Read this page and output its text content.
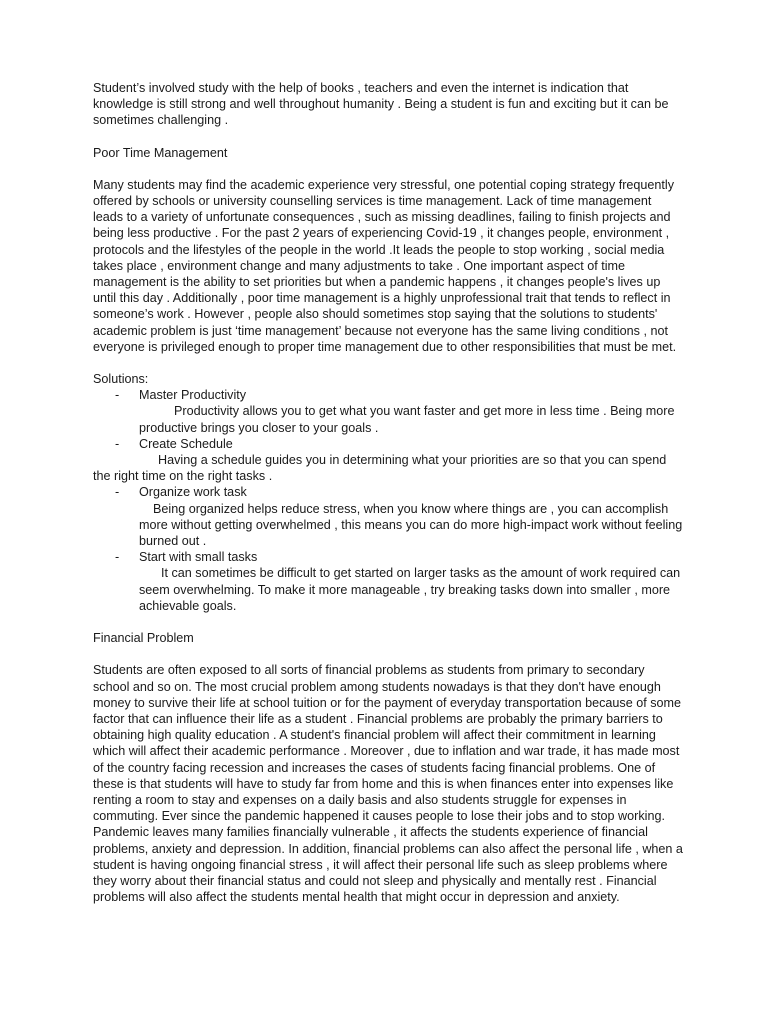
Student’s involved study with the help of books , teachers and even the internet is indication that knowledge is still strong and well throughout humanity . Being a student is fun and exciting but it can be sometimes challenging .

Poor Time Management

Many students may find the academic experience very stressful, one potential coping strategy frequently offered by schools or university counselling services is time management. Lack of time management leads to a variety of unfortunate consequences , such as missing deadlines, failing to finish projects and being less productive . For the past 2 years of experiencing Covid-19 , it changes people, environment , protocols and the lifestyles of the people in the world .It leads the people to stop working , social media takes place , environment change and many adjustments to take . One important aspect of time management is the ability to set priorities but when a pandemic happens , it changes people's lives up until this day . Additionally , poor time management is a highly unprofessional trait that tends to reflect in someone’s work . However , people also should sometimes stop saying that the solutions to students' academic problem is just ‘time management’ because not everyone has the same living conditions , not everyone is privileged enough to proper time management due to other responsibilities that must be met.

Solutions:

- Master Productivity

Productivity allows you to get what you want faster and get more in less time . Being more productive brings you closer to your goals .

- Create Schedule

Having a schedule guides you in determining what your priorities are so that you can spend the right time on the right tasks .

- Organize work task

Being organized helps reduce stress, when you know where things are , you can accomplish more without getting overwhelmed , this means you can do more high-impact work without feeling burned out .

- Start with small tasks

It can sometimes be difficult to get started on larger tasks as the amount of work required can seem overwhelming. To make it more manageable , try breaking tasks down into smaller , more achievable goals.

Financial Problem

Students are often exposed to all sorts of financial problems as students from primary to secondary school and so on. The most crucial problem among students nowadays is that they don't have enough money to survive their life at school tuition or for the payment of everyday transportation because of some factor that can influence their life as a student . Financial problems are probably the primary barriers to obtaining high quality education . A student's financial problem will affect their commitment in learning which will affect their academic performance . Moreover , due to inflation and war trade, it has made most of the country facing recession and increases the cases of students facing financial problems. One of these is that students will have to study far from home and this is when finances enter into expenses like renting a room to stay and expenses on a daily basis and also students struggle for expenses in commuting. Ever since the pandemic happened it causes people to lose their jobs and to stop working. Pandemic leaves many families financially vulnerable , it affects the students experience of financial problems, anxiety and depression. In addition, financial problems can also affect the personal life , when a student is having ongoing financial stress , it will affect their personal life such as sleep problems where they worry about their financial status and could not sleep and physically and mentally rest . Financial problems will also affect the students mental health that might occur in depression and anxiety.
